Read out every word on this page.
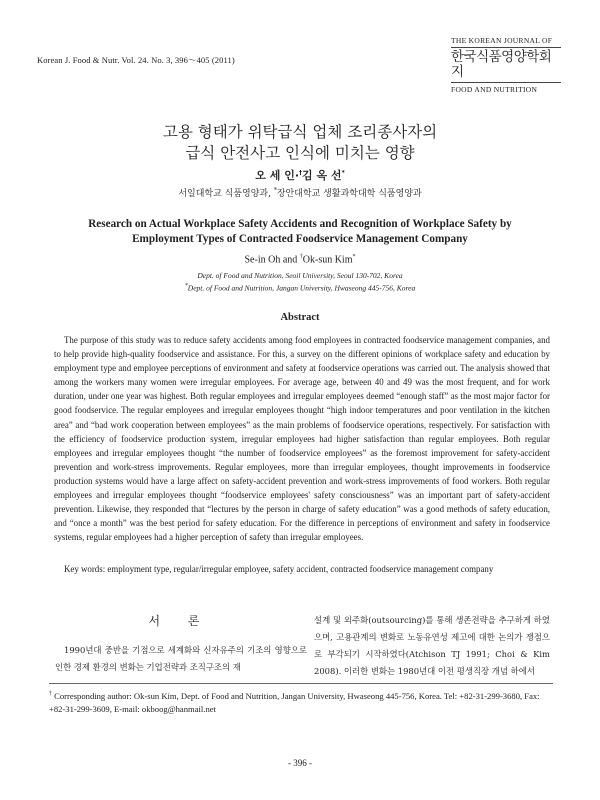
Korean J. Food & Nutr. Vol. 24. No. 3, 396～405 (2011)
THE KOREAN JOURNAL OF
한국식품영양학회지
FOOD AND NUTRITION
고용 형태가 위탁급식 업체 조리종사자의
급식 안전사고 인식에 미치는 영향
오 세 인·†김 옥 선*
서일대학교 식품영양과, *장안대학교 생활과학대학 식품영양과
Research on Actual Workplace Safety Accidents and Recognition of Workplace Safety by
Employment Types of Contracted Foodservice Management Company
Se-in Oh and †Ok-sun Kim*
Dept. of Food and Nutrition, Seoil University, Seoul 130-702, Korea
*Dept. of Food and Nutrition, Jangan University, Hwaseong 445-756, Korea
Abstract
The purpose of this study was to reduce safety accidents among food employees in contracted foodservice management companies, and to help provide high-quality foodservice and assistance. For this, a survey on the different opinions of workplace safety and education by employment type and employee perceptions of environment and safety at foodservice operations was carried out. The analysis showed that among the workers many women were irregular employees. For average age, between 40 and 49 was the most frequent, and for work duration, under one year was highest. Both regular employees and irregular employees deemed “enough staff” as the most major factor for good foodservice. The regular employees and irregular employees thought “high indoor temperatures and poor ventilation in the kitchen area” and “bad work cooperation between employees” as the main problems of foodservice operations, respectively. For satisfaction with the efficiency of foodservice production system, irregular employees had higher satisfaction than regular employees. Both regular employees and irregular employees thought “the number of foodservice employees” as the foremost improvement for safety-accident prevention and work-stress improvements. Regular employees, more than irregular employees, thought improvements in foodservice production systems would have a large affect on safety-accident prevention and work-stress improvements of food workers. Both regular employees and irregular employees thought “foodservice employees' safety consciousness” was an important part of safety-accident prevention. Likewise, they responded that “lectures by the person in charge of safety education” was a good methods of safety education, and “once a month” was the best period for safety education. For the difference in perceptions of environment and safety in foodservice systems, regular employees had a higher perception of safety than irregular employees.
Key words: employment type, regular/irregular employee, safety accident, contracted foodservice management company
서 론
1990년대 중반을 기점으로 세계화와 신자유주의 기조의 영향으로 인한 경제 환경의 변화는 기업전략과 조직구조의 재
설계 및 외주화(outsourcing)를 통해 생존전략을 추구하게 하였으며, 고용관계의 변화로 노동유연성 제고에 대한 논의가 쟁점으로 부각되기 시작하였다(Atchison TJ 1991; Choi & Kim 2008). 이러한 변화는 1980년대 이전 평생직장 개념 하에서
† Corresponding author: Ok-sun Kim, Dept. of Food and Nutrition, Jangan University, Hwaseong 445-756, Korea. Tel: +82-31-299-3680, Fax: +82-31-299-3609, E-mail: okboog@hanmail.net
- 396 -
